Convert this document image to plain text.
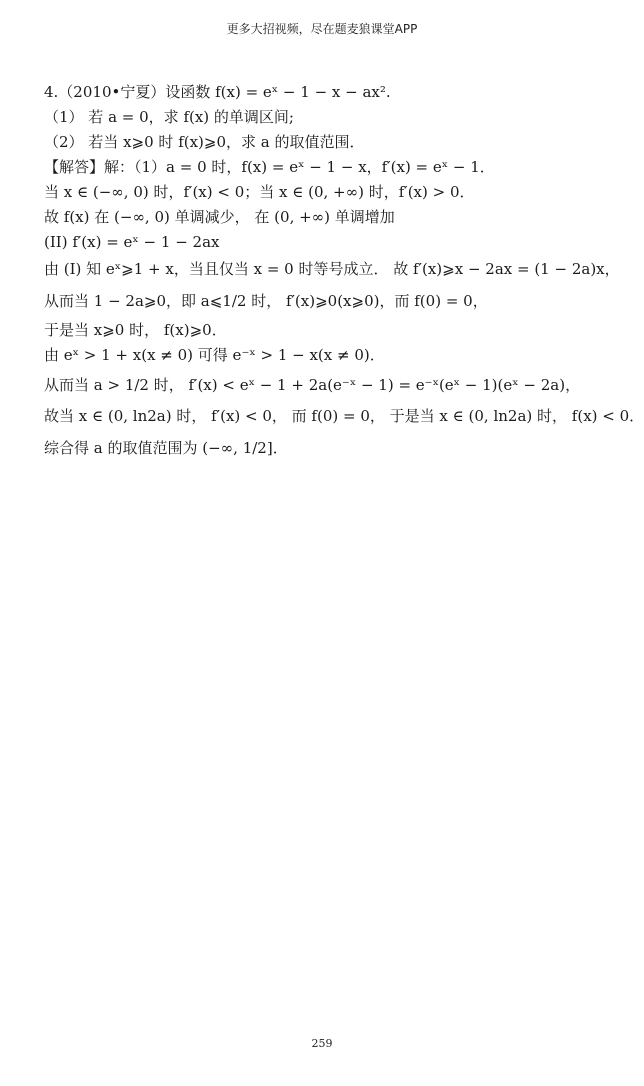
更多大招视频，尽在题麦狼课堂APP
4.（2010•宁夏）设函数 f(x) = eˣ − 1 − x − ax².
（1） 若 a = 0，求 f(x) 的单调区间;
（2） 若当 x⩾0 时 f(x)⩾0，求 a 的取值范围．
【解答】解：（1）a = 0 时，f(x) = eˣ − 1 − x，f′(x) = eˣ − 1．
当 x ∈ (−∞, 0) 时，f′(x) < 0；当 x ∈ (0, +∞) 时，f′(x) > 0．
故 f(x) 在 (−∞, 0) 单调减少， 在 (0, +∞) 单调增加
(II) f′(x) = eˣ − 1 − 2ax
由 (I) 知 eˣ⩾1 + x，当且仅当 x = 0 时等号成立． 故 f′(x)⩾x − 2ax = (1 − 2a)x，
从而当 1 − 2a⩾0，即 a⩽1/2 时， f′(x)⩾0(x⩾0)，而 f(0) = 0，
于是当 x⩾0 时， f(x)⩾0．
由 eˣ > 1 + x(x ≠ 0) 可得 e⁻ˣ > 1 − x(x ≠ 0)．
从而当 a > 1/2 时， f′(x) < eˣ − 1 + 2a(e⁻ˣ − 1) = e⁻ˣ(eˣ − 1)(eˣ − 2a)，
故当 x ∈ (0, ln2a) 时， f′(x) < 0， 而 f(0) = 0， 于是当 x ∈ (0, ln2a) 时， f(x) < 0．
综合得 a 的取值范围为 (−∞, 1/2]．
259
